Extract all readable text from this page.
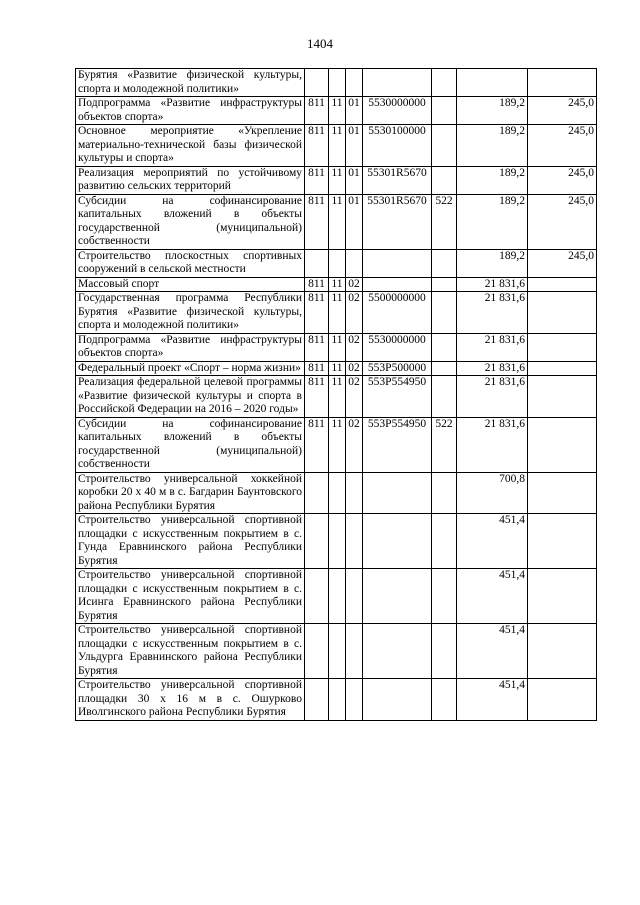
1404
Бурятия «Развитие физической культуры, спорта и молодежной политики»							
Подпрограмма «Развитие инфраструктуры объектов спорта»	811	11	01	5530000000		189,2	245,0
Основное мероприятие «Укрепление материально-технической базы физической культуры и спорта»	811	11	01	5530100000		189,2	245,0
Реализация мероприятий по устойчивому развитию сельских территорий	811	11	01	55301R5670		189,2	245,0
Субсидии на софинансирование капитальных вложений в объекты государственной (муниципальной) собственности	811	11	01	55301R5670	522	189,2	245,0
Строительство плоскостных спортивных сооружений в сельской местности						189,2	245,0
Массовый спорт	811	11	02			21 831,6	
Государственная программа Республики Бурятия «Развитие физической культуры, спорта и молодежной политики»	811	11	02	5500000000		21 831,6	
Подпрограмма «Развитие инфраструктуры объектов спорта»	811	11	02	5530000000		21 831,6	
Федеральный проект «Спорт – норма жизни»	811	11	02	553P500000		21 831,6	
Реализация федеральной целевой программы «Развитие физической культуры и спорта в Российской Федерации на 2016 – 2020 годы»	811	11	02	553P554950		21 831,6	
Субсидии на софинансирование капитальных вложений в объекты государственной (муниципальной) собственности	811	11	02	553P554950	522	21 831,6	
Строительство универсальной хоккейной коробки 20 х 40 м в с. Багдарин Баунтовского района Республики Бурятия						700,8	
Строительство универсальной спортивной площадки с искусственным покрытием в с. Гунда Еравнинского района Республики Бурятия						451,4	
Строительство универсальной спортивной площадки с искусственным покрытием в с. Исинга Еравнинского района Республики Бурятия						451,4	
Строительство универсальной спортивной площадки с искусственным покрытием в с. Ульдурга Еравнинского района Республики Бурятия						451,4	
Строительство универсальной спортивной площадки 30 х 16 м в с. Ошурково Иволгинского района Республики Бурятия						451,4	
